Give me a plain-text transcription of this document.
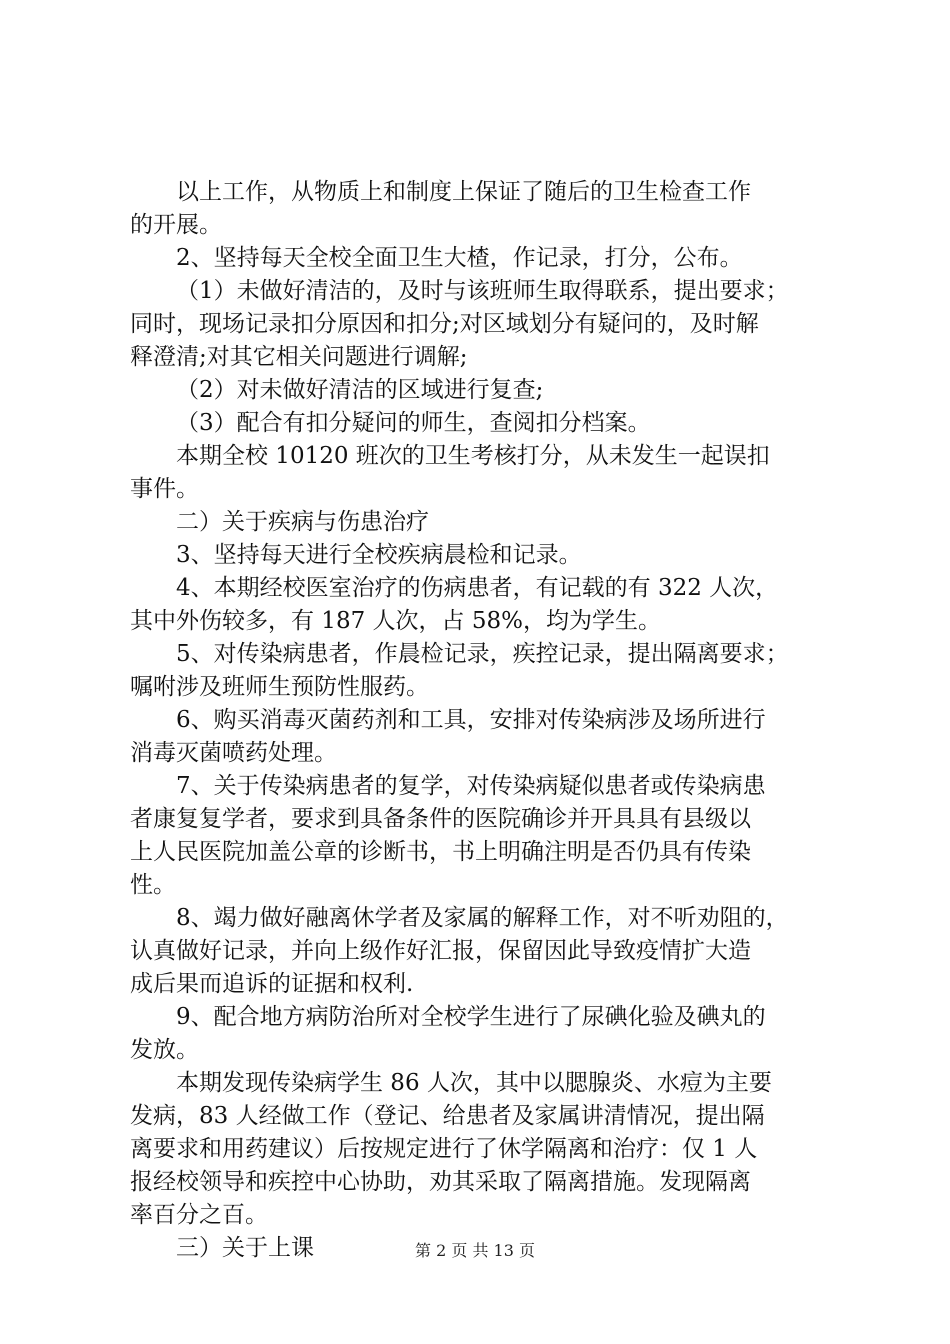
以上工作，从物质上和制度上保证了随后的卫生检查工作
的开展。
2、坚持每天全校全面卫生大楂，作记录，打分，公布。
（1）未做好清洁的，及时与该班师生取得联系，提出要求；
同时，现场记录扣分原因和扣分;对区域划分有疑问的，及时解
释澄清;对其它相关问题进行调解;
（2）对未做好清洁的区域进行复查;
（3）配合有扣分疑问的师生，查阅扣分档案。
本期全校 10120 班次的卫生考核打分，从未发生一起误扣
事件。
二）关于疾病与伤患治疗
3、坚持每天进行全校疾病晨检和记录。
4、本期经校医室治疗的伤病患者，有记载的有 322 人次，
其中外伤较多，有 187 人次，占 58%，均为学生。
5、对传染病患者，作晨检记录，疾控记录，提出隔离要求；
嘱咐涉及班师生预防性服药。
6、购买消毒灭菌药剂和工具，安排对传染病涉及场所进行
消毒灭菌喷药处理。
7、关于传染病患者的复学，对传染病疑似患者或传染病患
者康复复学者，要求到具备条件的医院确诊并开具具有县级以
上人民医院加盖公章的诊断书，书上明确注明是否仍具有传染
性。
8、竭力做好融离休学者及家属的解释工作，对不听劝阻的，
认真做好记录，并向上级作好汇报，保留因此导致疫情扩大造
成后果而追诉的证据和权利.
9、配合地方病防治所对全校学生进行了尿碘化验及碘丸的
发放。
本期发现传染病学生 86 人次，其中以腮腺炎、水痘为主要
发病，83 人经做工作（登记、给患者及家属讲清情况，提出隔
离要求和用药建议）后按规定进行了休学隔离和治疗：仅 1 人
报经校领导和疾控中心协助，劝其采取了隔离措施。发现隔离
率百分之百。
三）关于上课	第 2 页 共 13 页
